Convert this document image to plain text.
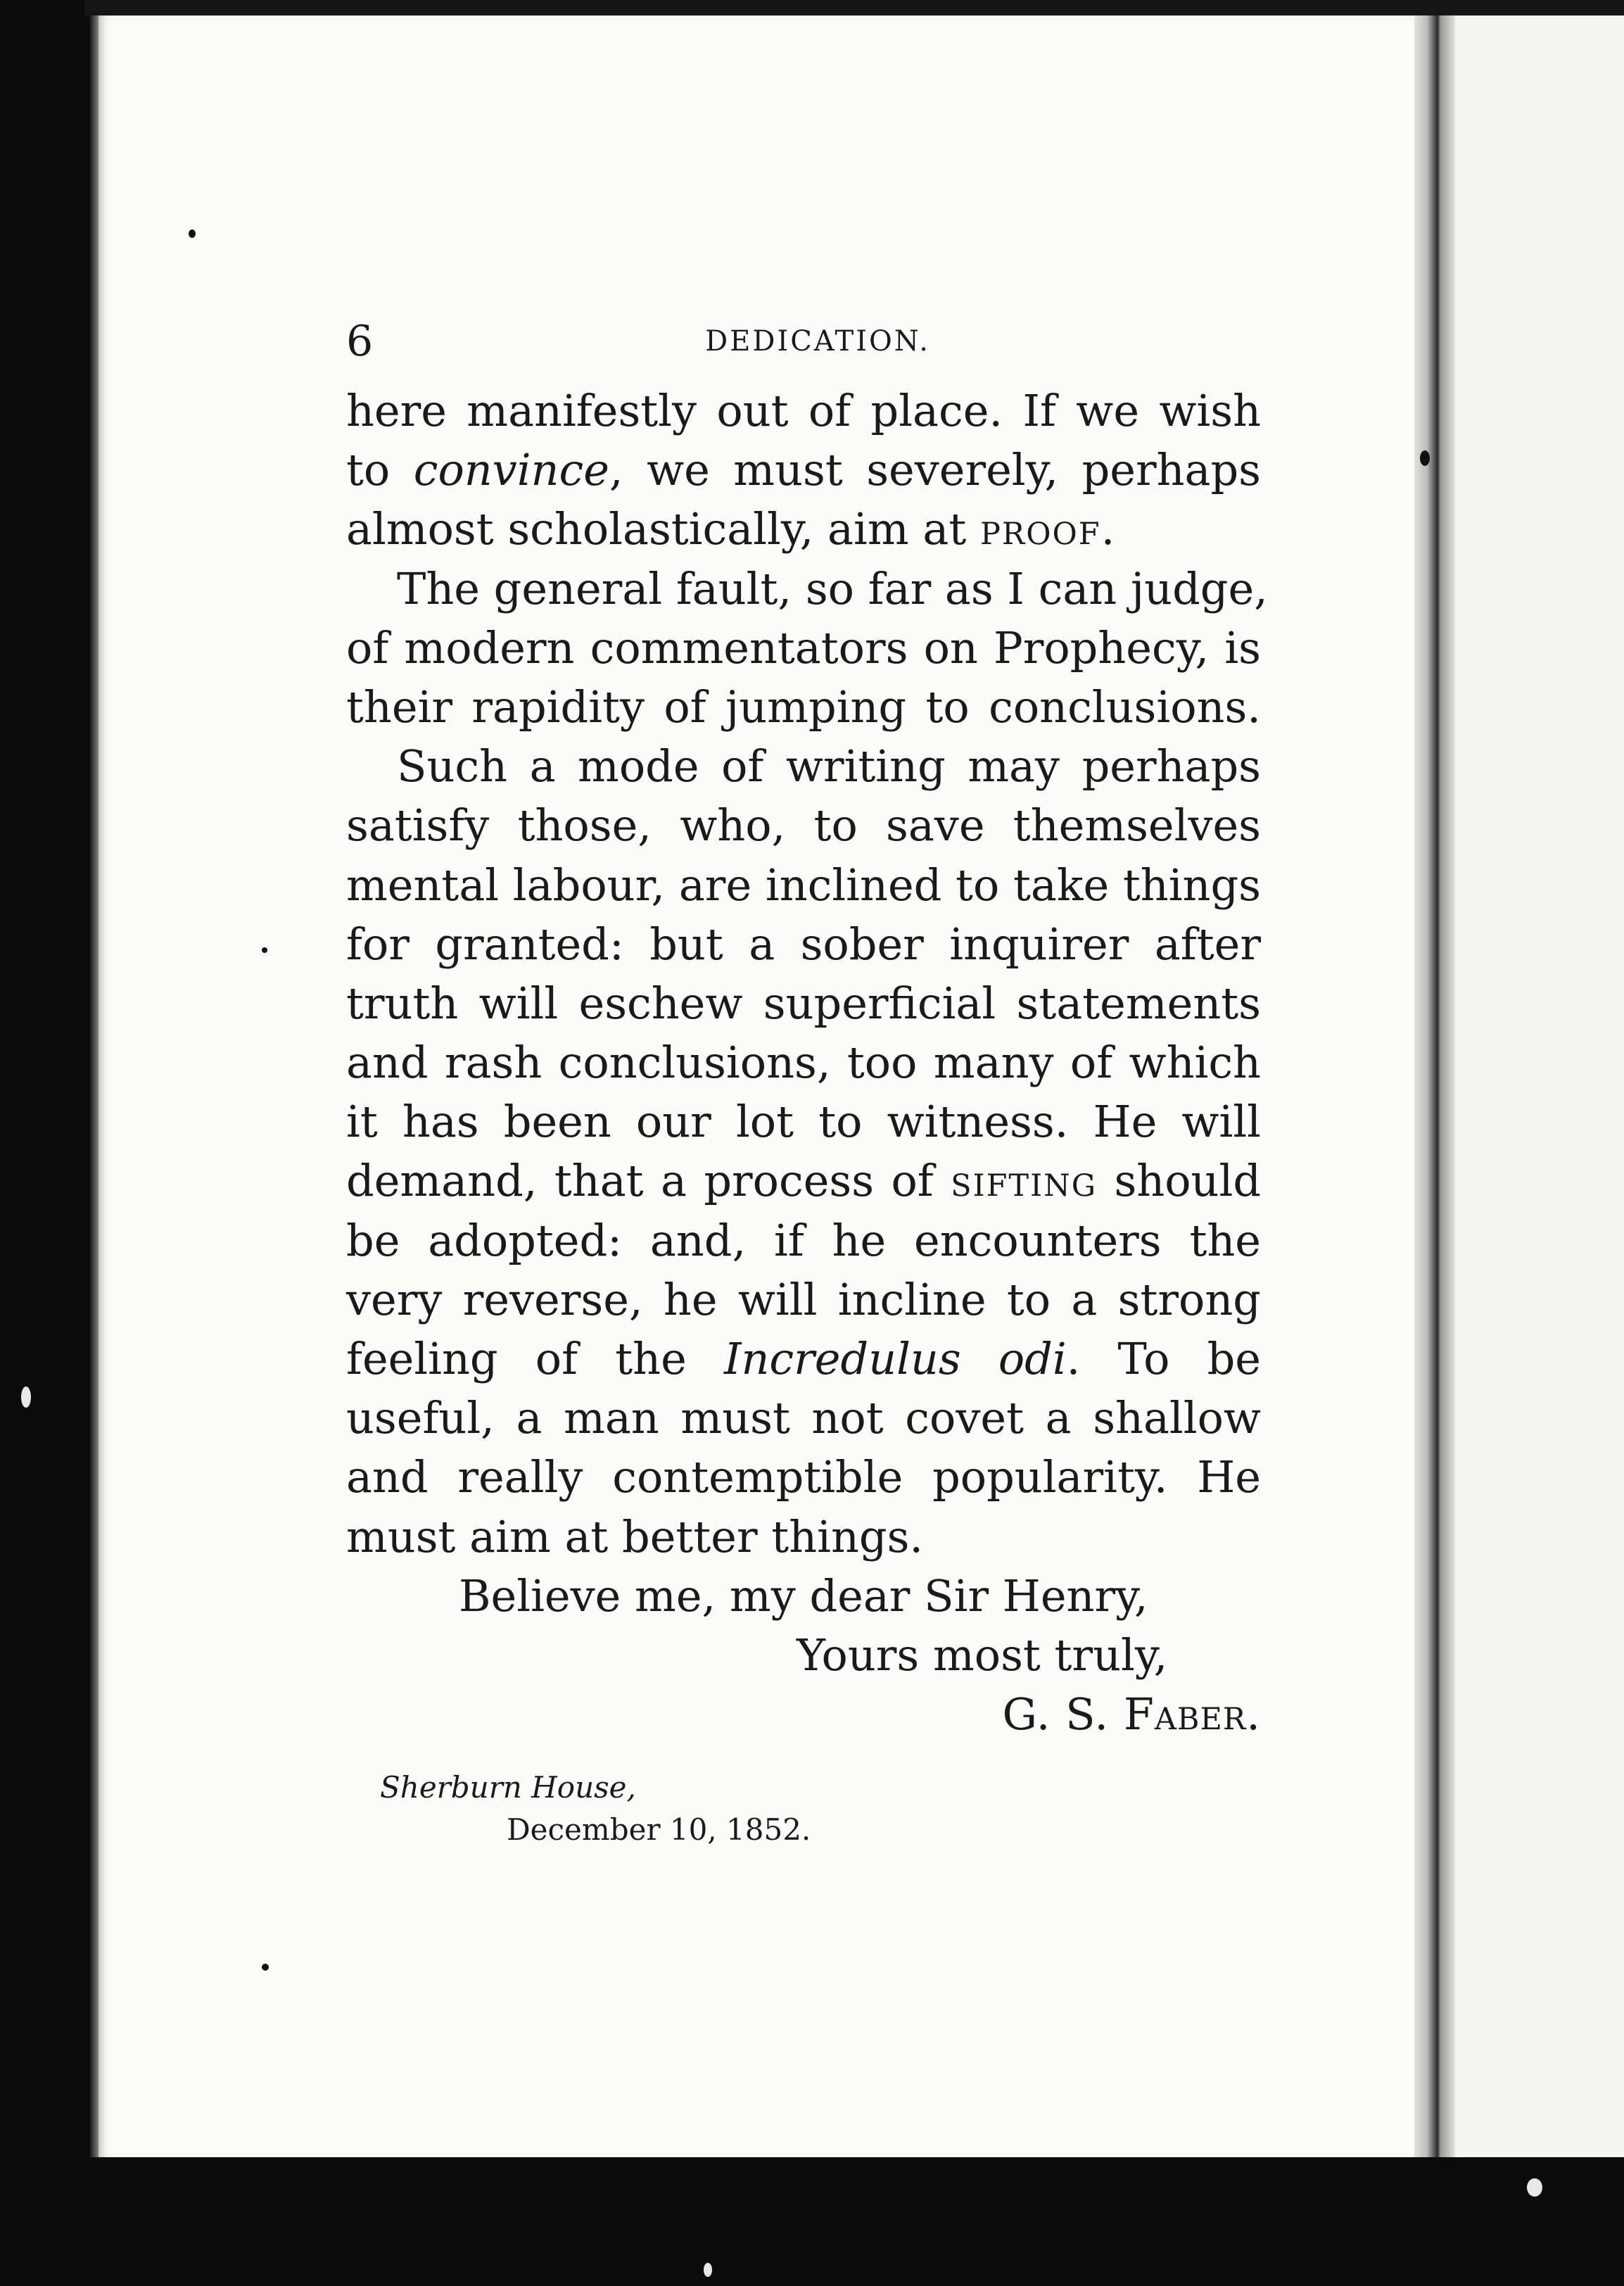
6	DEDICATION.
here manifestly out of place. If we wish
to convince, we must severely, perhaps
almost scholastically, aim at proof.
The general fault, so far as I can judge,
of modern commentators on Prophecy, is
their rapidity of jumping to conclusions.
Such a mode of writing may perhaps
satisfy those, who, to save themselves
mental labour, are inclined to take things
for granted: but a sober inquirer after
truth will eschew superficial statements
and rash conclusions, too many of which
it has been our lot to witness. He will
demand, that a process of sifting should
be adopted: and, if he encounters the
very reverse, he will incline to a strong
feeling of the Incredulus odi. To be
useful, a man must not covet a shallow
and really contemptible popularity. He
must aim at better things.
Believe me, my dear Sir Henry,
Yours most truly,
G. S. Faber.
Sherburn House,
December 10, 1852.
